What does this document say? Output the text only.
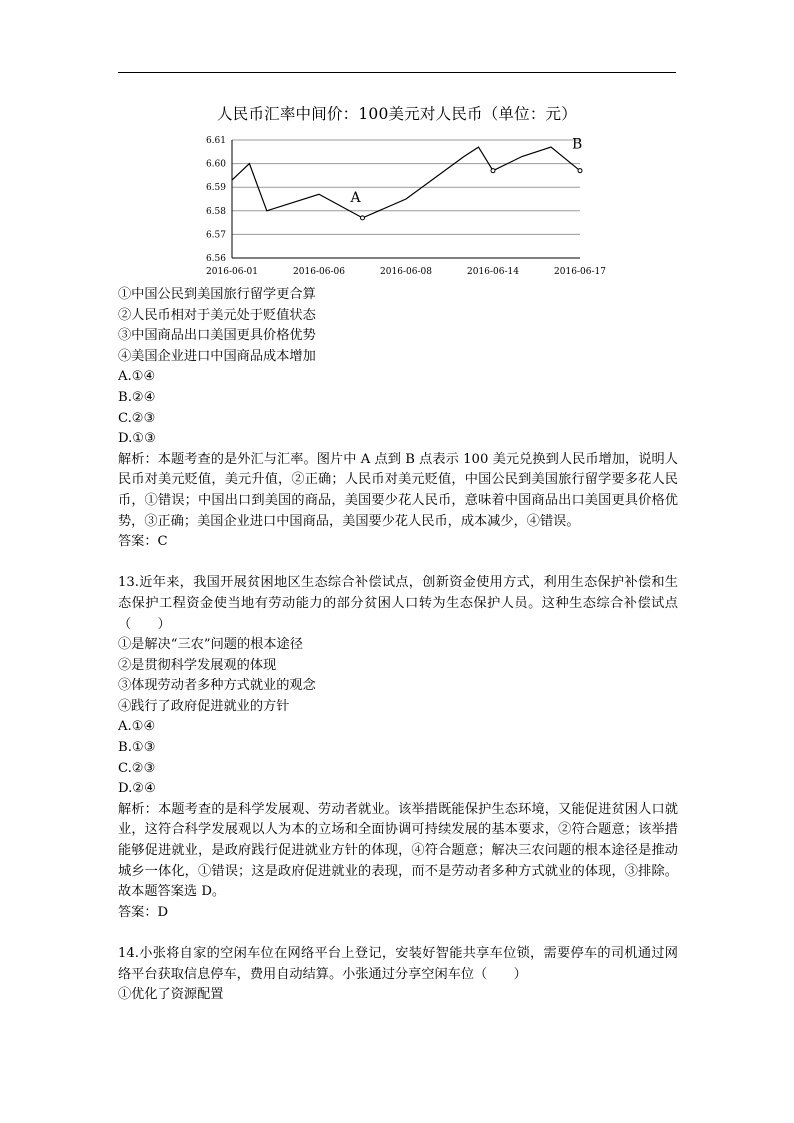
人民币汇率中间价：100美元对人民币（单位：元）
6.61
6.60
6.59
6.58
6.57
6.56
2016-06-01	2016-06-06	2016-06-08	2016-06-14	2016-06-17
A
B

①中国公民到美国旅行留学更合算

②人民币相对于美元处于贬值状态

③中国商品出口美国更具价格优势

④美国企业进口中国商品成本增加

A.①④

B.②④

C.②③

D.①③

解析：本题考查的是外汇与汇率。图片中 A 点到 B 点表示 100 美元兑换到人民币增加，说明人民币对美元贬值，美元升值，②正确；人民币对美元贬值，中国公民到美国旅行留学要多花人民币，①错误；中国出口到美国的商品，美国要少花人民币，意味着中国商品出口美国更具价格优势，③正确；美国企业进口中国商品，美国要少花人民币，成本减少，④错误。

答案：C

13.近年来，我国开展贫困地区生态综合补偿试点，创新资金使用方式，利用生态保护补偿和生态保护工程资金使当地有劳动能力的部分贫困人口转为生态保护人员。这种生态综合补偿试点（　　）

①是解决“三农”问题的根本途径

②是贯彻科学发展观的体现

③体现劳动者多种方式就业的观念

④践行了政府促进就业的方针

A.①④

B.①③

C.②③

D.②④

解析：本题考查的是科学发展观、劳动者就业。该举措既能保护生态环境，又能促进贫困人口就业，这符合科学发展观以人为本的立场和全面协调可持续发展的基本要求，②符合题意；该举措能够促进就业，是政府践行促进就业方针的体现，④符合题意；解决三农问题的根本途径是推动城乡一体化，①错误；这是政府促进就业的表现，而不是劳动者多种方式就业的体现，③排除。故本题答案选 D。

答案：D

14.小张将自家的空闲车位在网络平台上登记，安装好智能共享车位锁，需要停车的司机通过网络平台获取信息停车，费用自动结算。小张通过分享空闲车位（　　）

①优化了资源配置
